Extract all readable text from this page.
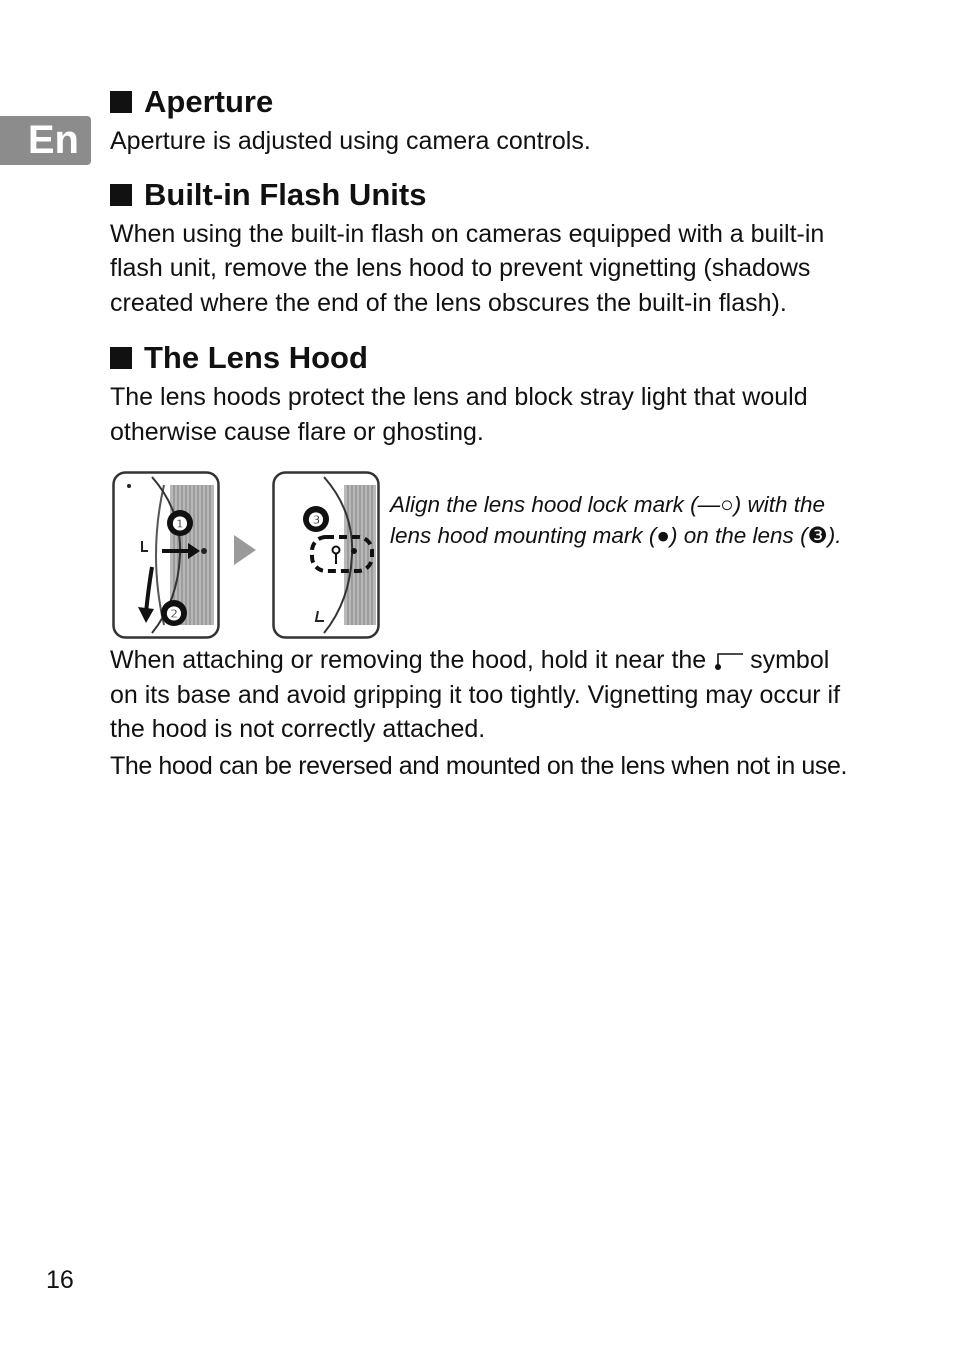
En
Aperture

Aperture is adjusted using camera controls.

Built-in Flash Units

When using the built-in flash on cameras equipped with a built-in flash unit, remove the lens hood to prevent vignetting (shadows created where the end of the lens obscures the built-in flash).

The Lens Hood

The lens hoods protect the lens and block stray light that would otherwise cause flare or ghosting.

❶
❷
❸
Align the lens hood lock mark (—○) with the lens hood mounting mark (●) on the lens (❸).

When attaching or removing the hood, hold it near the  symbol on its base and avoid gripping it too tightly. Vignetting may occur if the hood is not correctly attached.

The hood can be reversed and mounted on the lens when not in use.

16
